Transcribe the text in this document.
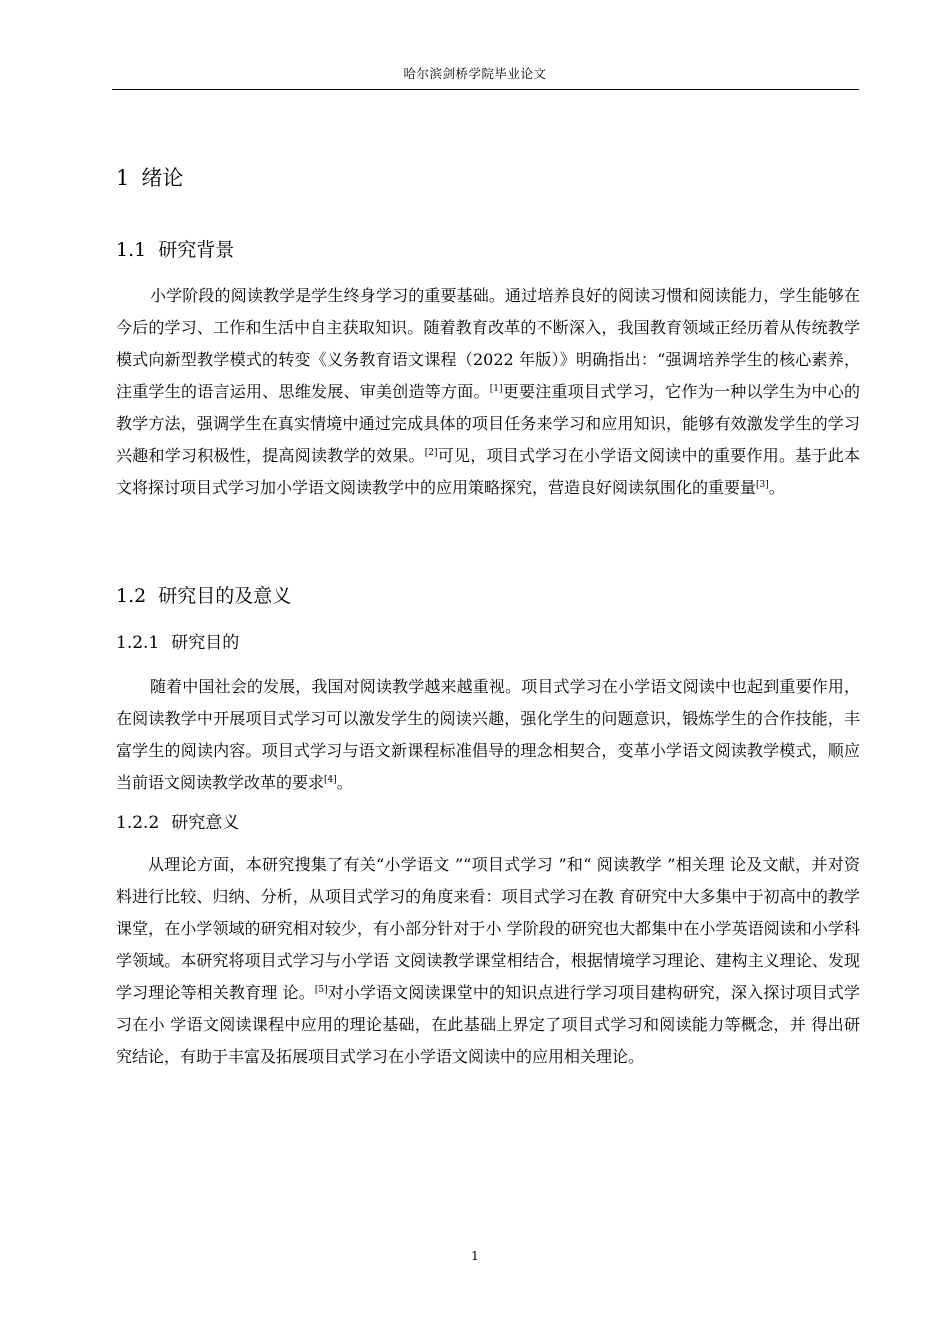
哈尔滨剑桥学院毕业论文
1 绪论
1.1 研究背景

小学阶段的阅读教学是学生终身学习的重要基础。通过培养良好的阅读习惯和阅读能力，学生能够在今后的学习、工作和生活中自主获取知识。随着教育改革的不断深入，我国教育领域正经历着从传统教学模式向新型教学模式的转变《义务教育语文课程（2022 年版）》明确指出：“强调培养学生的核心素养，注重学生的语言运用、思维发展、审美创造等方面。[1]更要注重项目式学习，它作为一种以学生为中心的教学方法，强调学生在真实情境中通过完成具体的项目任务来学习和应用知识，能够有效激发学生的学习兴趣和学习积极性，提高阅读教学的效果。[2]可见，项目式学习在小学语文阅读中的重要作用。基于此本文将探讨项目式学习加小学语文阅读教学中的应用策略探究，营造良好阅读氛围化的重要量[3]。

1.2 研究目的及意义
1.2.1 研究目的

随着中国社会的发展，我国对阅读教学越来越重视。项目式学习在小学语文阅读中也起到重要作用，在阅读教学中开展项目式学习可以激发学生的阅读兴趣，强化学生的问题意识，锻炼学生的合作技能，丰富学生的阅读内容。项目式学习与语文新课程标准倡导的理念相契合，变革小学语文阅读教学模式，顺应当前语文阅读教学改革的要求[4]。

1.2.2 研究意义

从理论方面，本研究搜集了有关“小学语文 ”“项目式学习 ”和“ 阅读教学 ”相关理 论及文献，并对资料进行比较、归纳、分析，从项目式学习的角度来看：项目式学习在教 育研究中大多集中于初高中的教学课堂，在小学领域的研究相对较少，有小部分针对于小 学阶段的研究也大都集中在小学英语阅读和小学科学领域。本研究将项目式学习与小学语 文阅读教学课堂相结合，根据情境学习理论、建构主义理论、发现学习理论等相关教育理 论。[5]对小学语文阅读课堂中的知识点进行学习项目建构研究，深入探讨项目式学习在小 学语文阅读课程中应用的理论基础，在此基础上界定了项目式学习和阅读能力等概念，并 得出研究结论，有助于丰富及拓展项目式学习在小学语文阅读中的应用相关理论。

1
